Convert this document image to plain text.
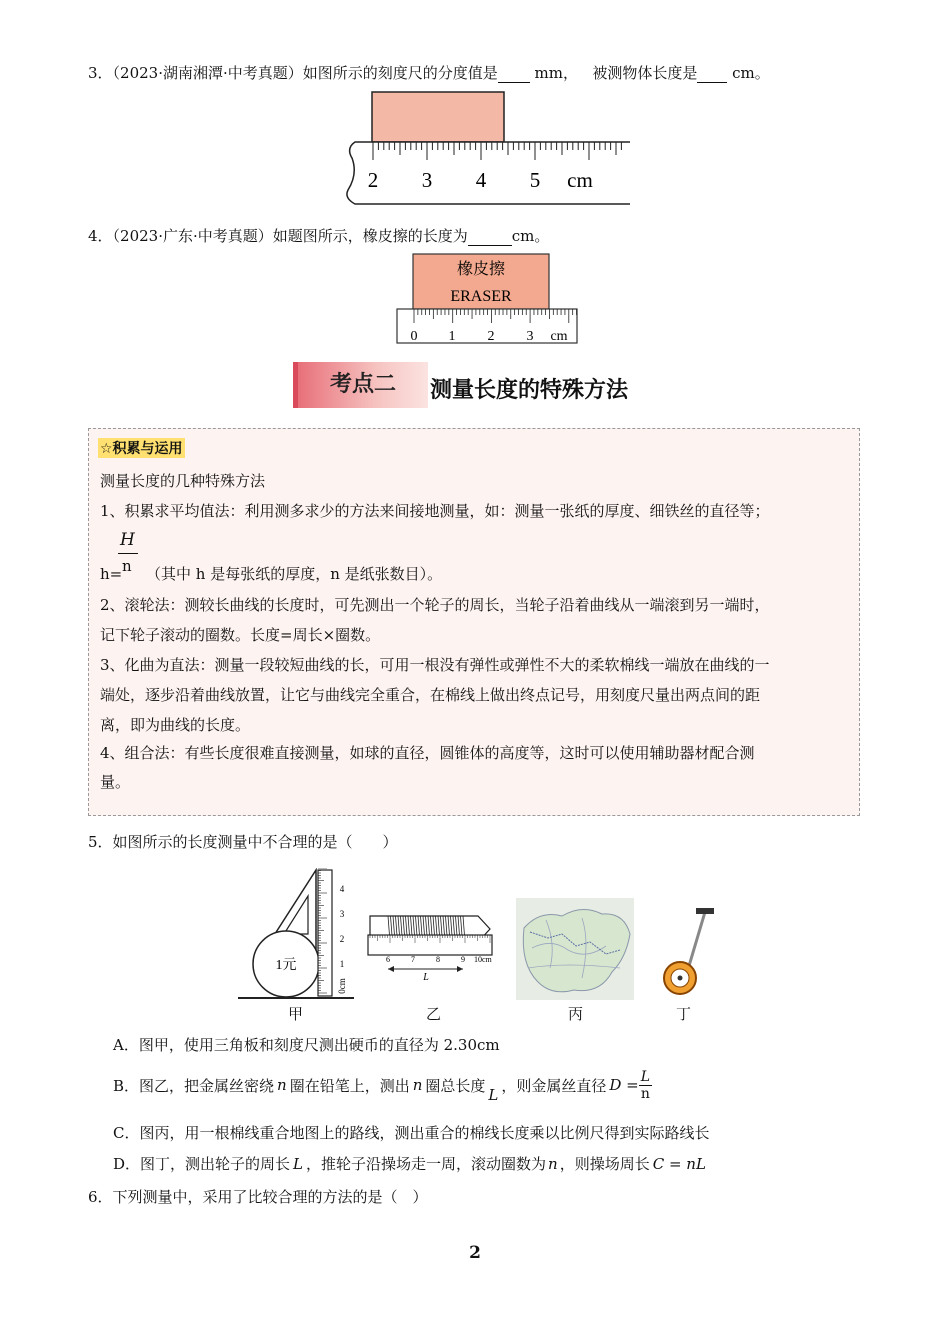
3．（2023·湖南湘潭·中考真题）如图所示的刻度尺的分度值是 mm， 被测物体长度是 cm。
2 3 4 5 cm
4．（2023·广东·中考真题）如题图所示，橡皮擦的长度为	cm。
橡皮擦
ERASER
0 1 2 3 cm
考点二	测量长度的特殊方法
☆积累与运用
测量长度的几种特殊方法
1、积累求平均值法：利用测多求少的方法来间接地测量，如：测量一张纸的厚度、细铁丝的直径等；
H
n
h= （其中 h 是每张纸的厚度，n 是纸张数目）。
2、滚轮法：测较长曲线的长度时，可先测出一个轮子的周长，当轮子沿着曲线从一端滚到另一端时，
记下轮子滚动的圈数。长度=周长×圈数。
3、化曲为直法：测量一段较短曲线的长，可用一根没有弹性或弹性不大的柔软棉线一端放在曲线的一
端处，逐步沿着曲线放置，让它与曲线完全重合，在棉线上做出终点记号，用刻度尺量出两点间的距
离，即为曲线的长度。
4、组合法：有些长度很难直接测量，如球的直径，圆锥体的高度等，这时可以使用辅助器材配合测
量。
5．如图所示的长度测量中不合理的是（　　）
1元
4
3
2
1
0cm
6	7	8	9 10cm
L
甲	乙	丙	丁
A．图甲，使用三角板和刻度尺测出硬币的直径为 2.30cm
B．图乙，把金属丝密绕 n 圈在铅笔上，测出 n 圈总长度
L
，则金属丝直径 $D = \frac{L}{n}$
C．图丙，用一根棉线重合地图上的路线，测出重合的棉线长度乘以比例尺得到实际路线长
D．图丁，测出轮子的周长 L ，推轮子沿操场走一周，滚动圈数为 n ，则操场周长 C = nL
6．下列测量中，采用了比较合理的方法的是（　）
2
